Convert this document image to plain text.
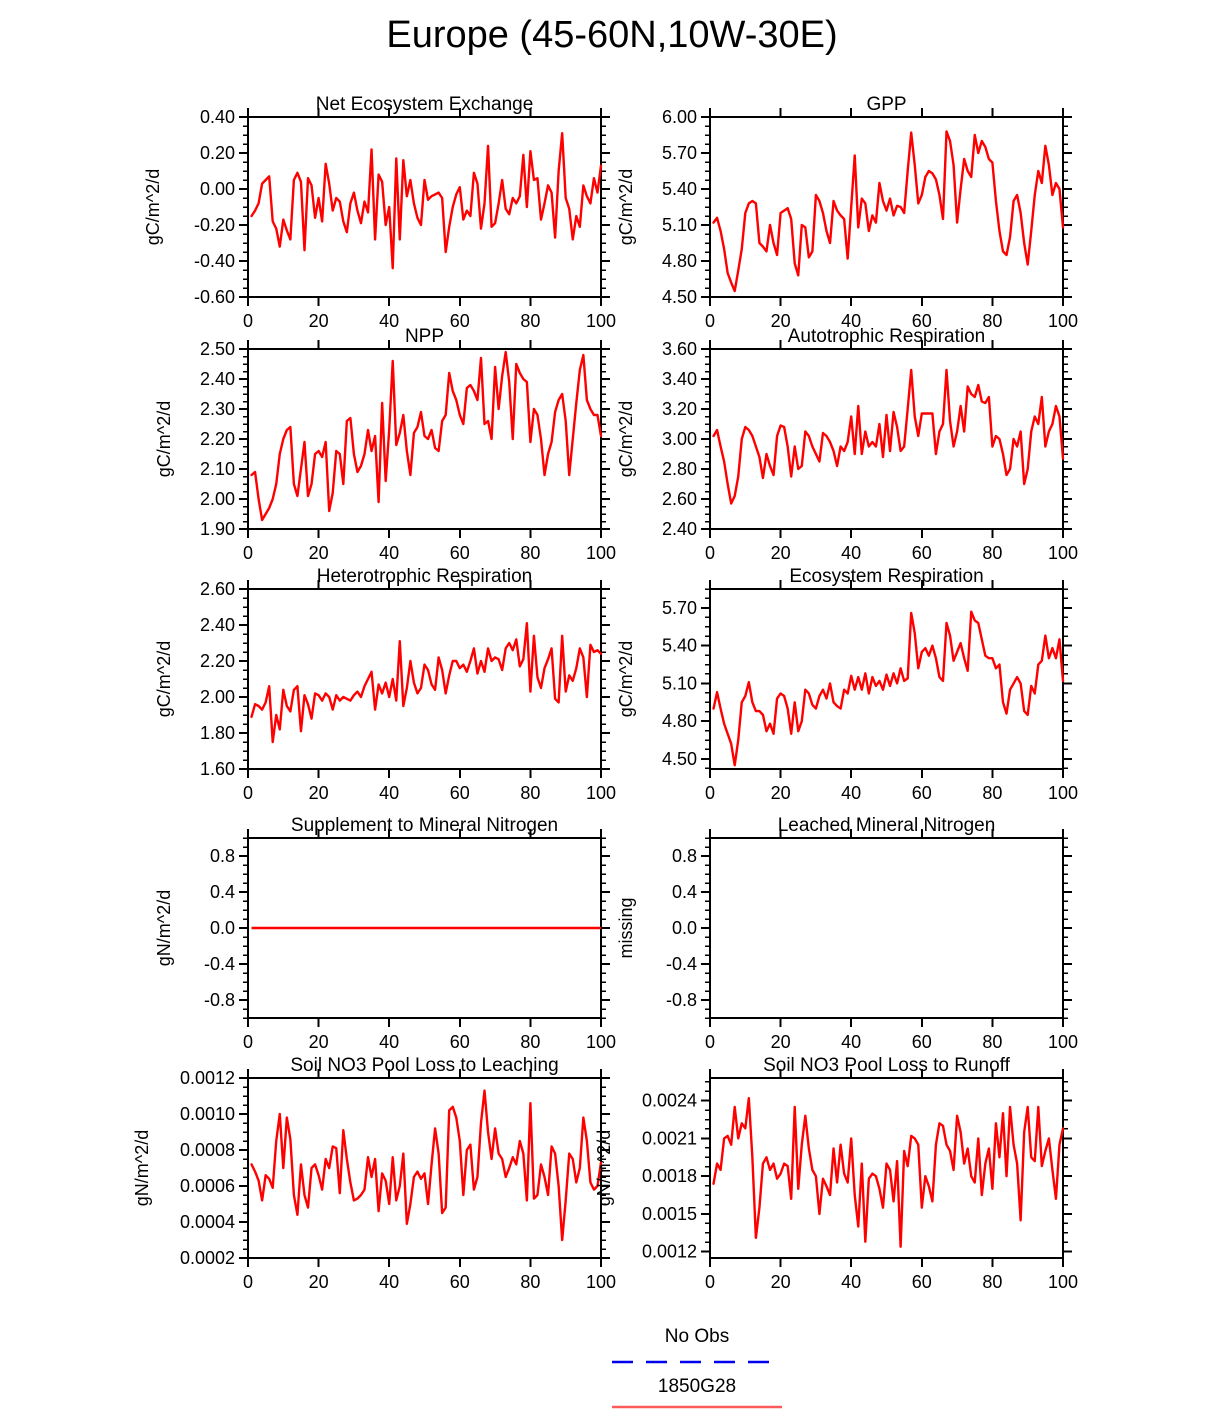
Europe (45-60N,10W-30E)
Net Ecosystem Exchange
gC/m^2/d
0	20	40	60	80	100
-0.60
-0.40
-0.20
0.00
0.20
0.40
GPP
gC/m^2/d
0	20	40	60	80	100
4.50
4.80
5.10
5.40
5.70
6.00
NPP
gC/m^2/d
0	20	40	60	80	100
1.90
2.00
2.10
2.20
2.30
2.40
2.50
Autotrophic Respiration
gC/m^2/d
0	20	40	60	80	100
2.40
2.60
2.80
3.00
3.20
3.40
3.60
Heterotrophic Respiration
gC/m^2/d
0	20	40	60	80	100
1.60
1.80
2.00
2.20
2.40
2.60
Ecosystem Respiration
gC/m^2/d
0	20	40	60	80	100
4.50
4.80
5.10
5.40
5.70
Supplement to Mineral Nitrogen
gN/m^2/d
0	20	40	60	80	100
-0.8
-0.4
0.0
0.4
0.8
Leached Mineral Nitrogen
missing
0	20	40	60	80	100
-0.8
-0.4
0.0
0.4
0.8
Soil NO3 Pool Loss to Leaching
gN/m^2/d
0	20	40	60	80	100
0.0002
0.0004
0.0006
0.0008
0.0010
0.0012
Soil NO3 Pool Loss to Runoff
gN/m^2/d
0	20	40	60	80	100
0.0012
0.0015
0.0018
0.0021
0.0024
No Obs
1850G28
